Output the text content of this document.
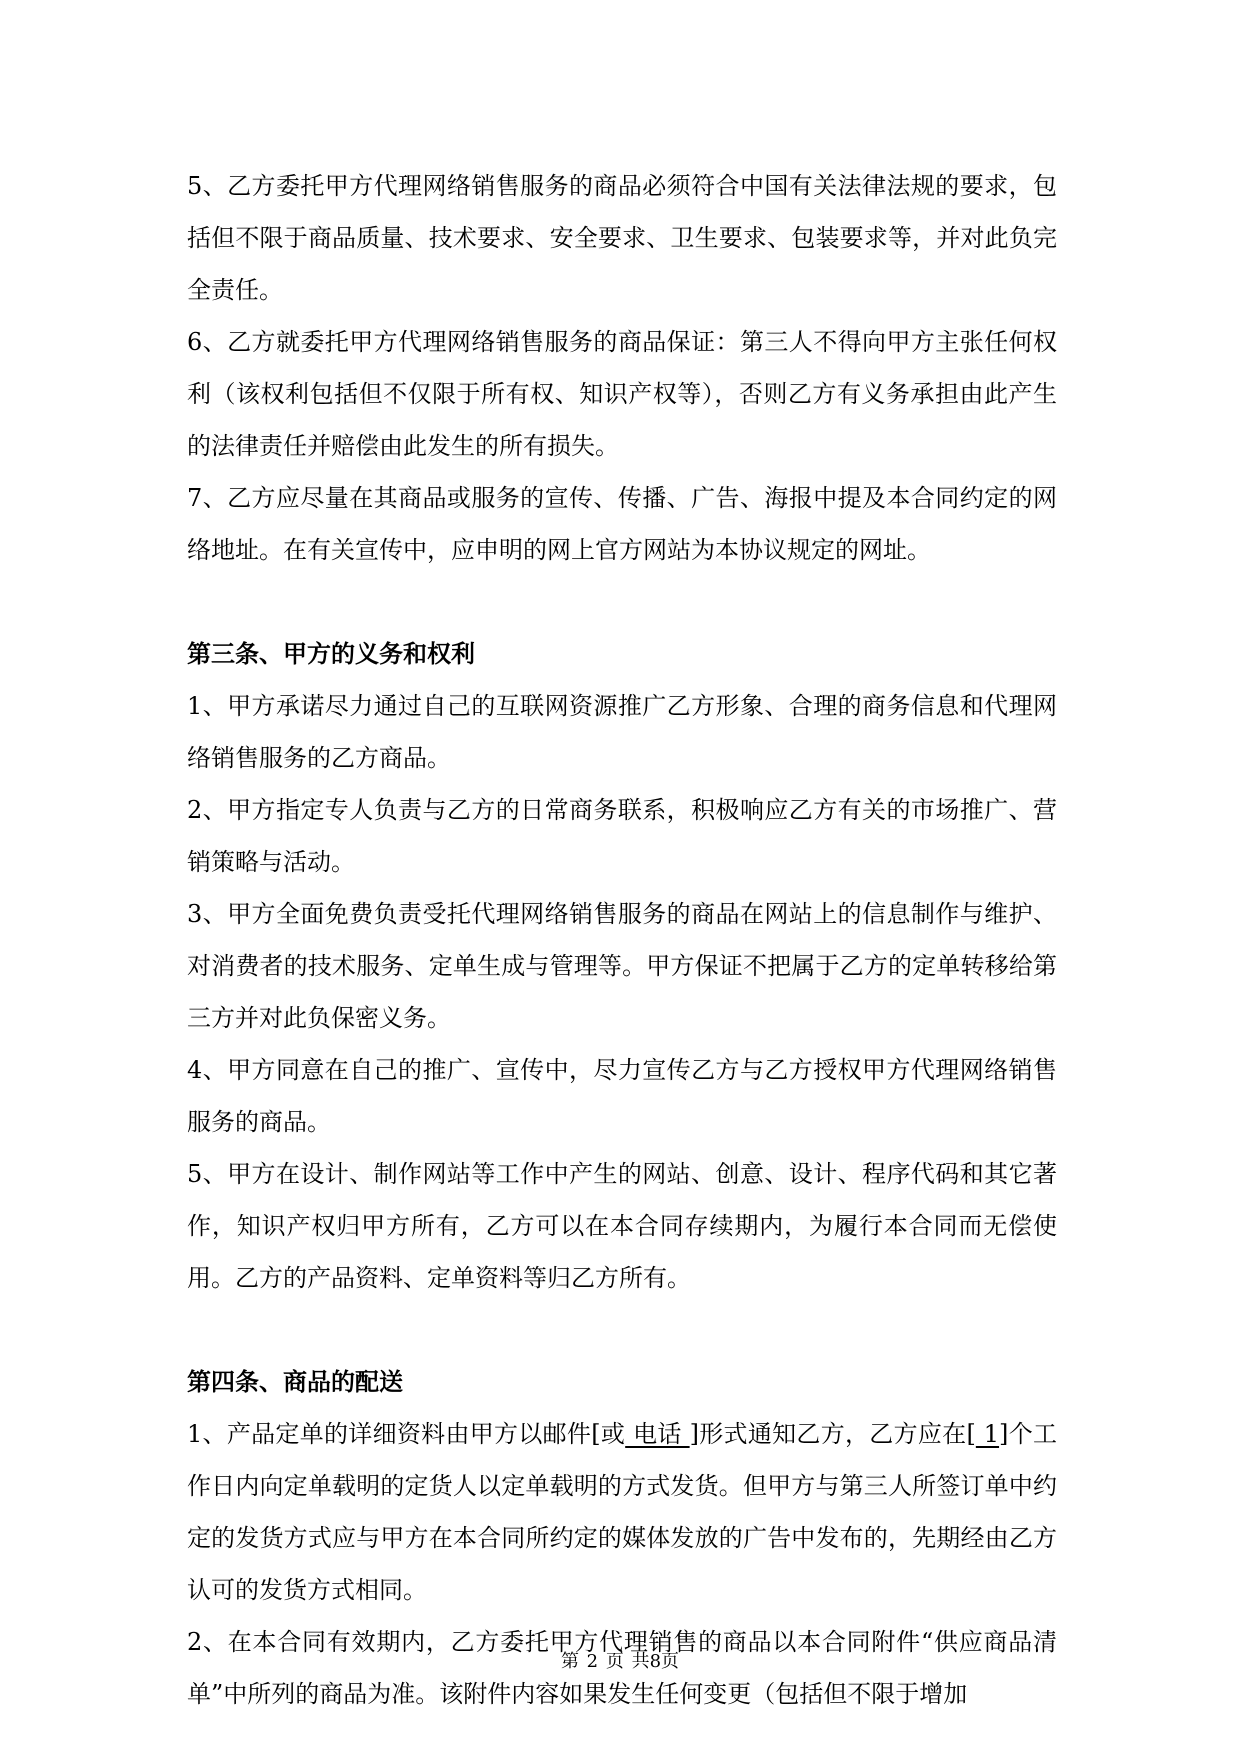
5、乙方委托甲方代理网络销售服务的商品必须符合中国有关法律法规的要求，包括但不限于商品质量、技术要求、安全要求、卫生要求、包装要求等，并对此负完全责任。

6、乙方就委托甲方代理网络销售服务的商品保证：第三人不得向甲方主张任何权利（该权利包括但不仅限于所有权、知识产权等），否则乙方有义务承担由此产生的法律责任并赔偿由此发生的所有损失。

7、乙方应尽量在其商品或服务的宣传、传播、广告、海报中提及本合同约定的网络地址。在有关宣传中，应申明的网上官方网站为本协议规定的网址。

第三条、甲方的义务和权利

1、甲方承诺尽力通过自己的互联网资源推广乙方形象、合理的商务信息和代理网络销售服务的乙方商品。

2、甲方指定专人负责与乙方的日常商务联系，积极响应乙方有关的市场推广、营销策略与活动。

3、甲方全面免费负责受托代理网络销售服务的商品在网站上的信息制作与维护、对消费者的技术服务、定单生成与管理等。甲方保证不把属于乙方的定单转移给第三方并对此负保密义务。

4、甲方同意在自己的推广、宣传中，尽力宣传乙方与乙方授权甲方代理网络销售服务的商品。

5、甲方在设计、制作网站等工作中产生的网站、创意、设计、程序代码和其它著作，知识产权归甲方所有，乙方可以在本合同存续期内，为履行本合同而无偿使用。乙方的产品资料、定单资料等归乙方所有。

第四条、商品的配送

1、产品定单的详细资料由甲方以邮件[或 电话 ]形式通知乙方，乙方应在[ 1]个工作日内向定单载明的定货人以定单载明的方式发货。但甲方与第三人所签订单中约定的发货方式应与甲方在本合同所约定的媒体发放的广告中发布的，先期经由乙方认可的发货方式相同。

2、在本合同有效期内，乙方委托甲方代理销售的商品以本合同附件“供应商品清单”中所列的商品为准。该附件内容如果发生任何变更（包括但不限于增加

第 2 页 共8页
